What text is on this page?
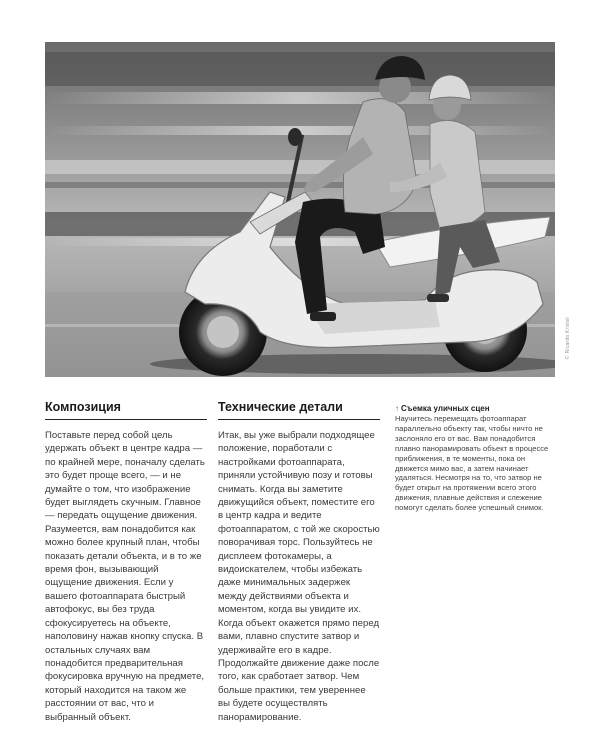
© Ricardo Kristel
Композиция

Поставьте перед собой цель удержать объект в центре кадра — по крайней мере, поначалу сделать это будет проще всего, — и не думайте о том, что изображение будет выглядеть скучным. Главное — передать ощущение движения. Разумеется, вам понадобится как можно более крупный план, чтобы показать детали объекта, и в то же время фон, вызывающий ощущение движения. Если у вашего фотоаппарата быстрый автофокус, вы без труда сфокусируетесь на объекте, наполовину нажав кнопку спуска. В остальных случаях вам понадобится предварительная фокусировка вручную на предмете, который находится на таком же расстоянии от вас, что и выбранный объект.

Технические детали

Итак, вы уже выбрали подходящее положение, поработали с настройками фотоаппарата, приняли устойчивую позу и готовы снимать. Когда вы заметите движущийся объект, поместите его в центр кадра и ведите фотоаппаратом, с той же скоростью поворачивая торс. Пользуйтесь не дисплеем фотокамеры, а видоискателем, чтобы избежать даже минимальных задержек между действиями объекта и моментом, когда вы увидите их. Когда объект окажется прямо перед вами, плавно спустите затвор и удерживайте его в кадре. Продолжайте движение даже после того, как сработает затвор. Чем больше практики, тем увереннее вы будете осуществлять панорамирование.

↑ Съемка уличных сцен

Научитесь перемещать фотоаппарат параллельно объекту так, чтобы ничто не заслоняло его от вас. Вам понадобится плавно панорамировать объект в процессе приближения, в те моменты, пока он движется мимо вас, а затем начинает удаляться. Несмотря на то, что затвор не будет открыт на протяжении всего этого движения, плавные действия и слежение помогут сделать более успешный снимок.
